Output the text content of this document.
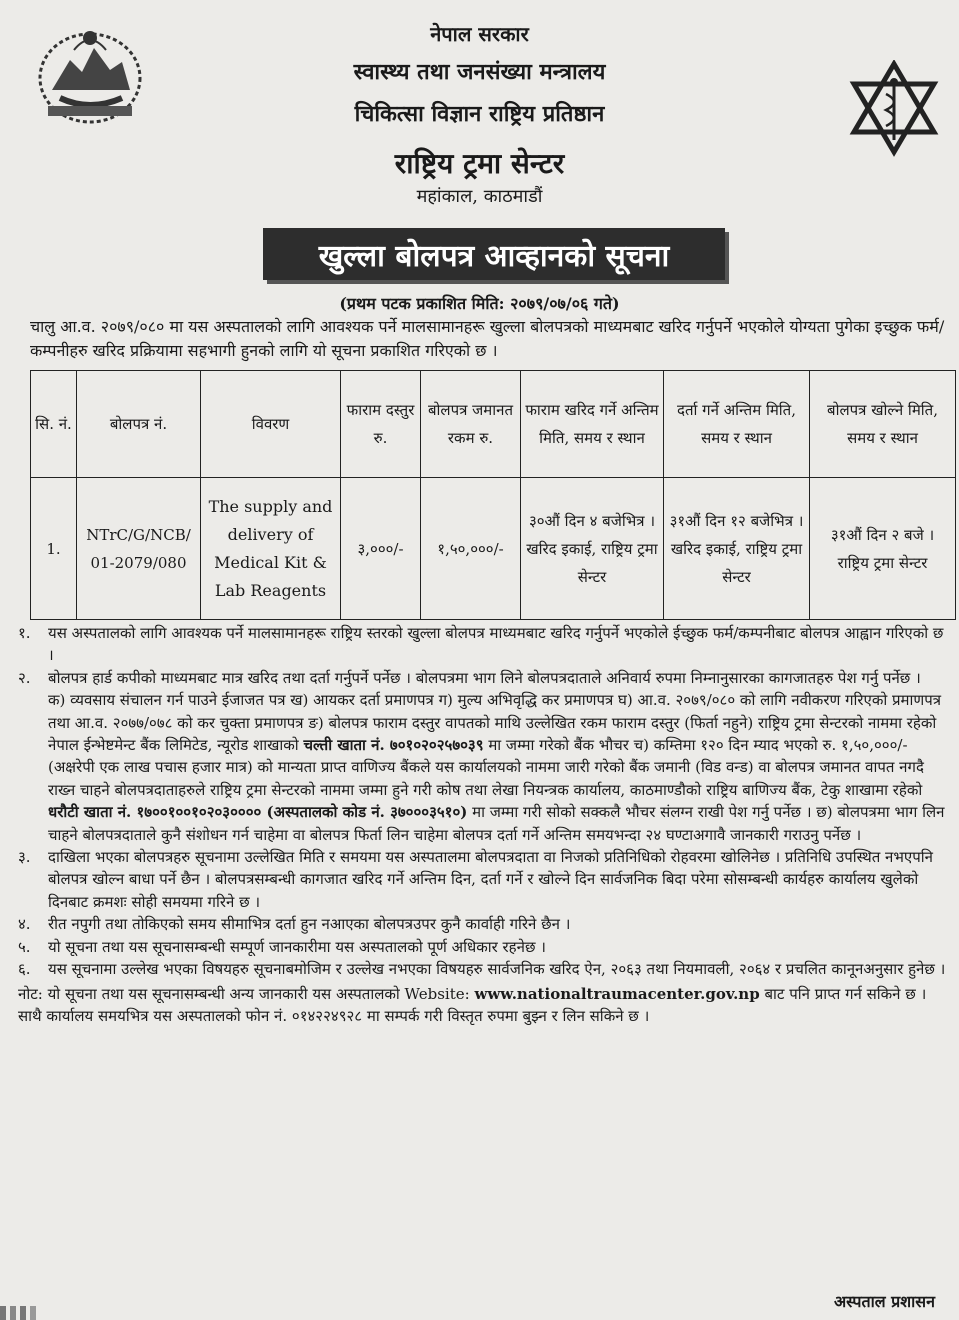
नेपाल सरकार
स्वास्थ्य तथा जनसंख्या मन्त्रालय
चिकित्सा विज्ञान राष्ट्रिय प्रतिष्ठान
राष्ट्रिय ट्रमा सेन्टर
महांकाल, काठमाडौं
खुल्ला बोलपत्र आव्हानको सूचना
(प्रथम पटक प्रकाशित मिति: २०७९/०७/०६ गते)
चालु आ.व. २०७९/०८० मा यस अस्पतालको लागि आवश्यक पर्ने मालसामानहरू खुल्ला बोलपत्रको माध्यमबाट खरिद गर्नुपर्ने भएकोले योग्यता पुगेका इच्छुक फर्म/कम्पनीहरु खरिद प्रक्रियामा सहभागी हुनको लागि यो सूचना प्रकाशित गरिएको छ ।
सि. नं.	बोलपत्र नं.	विवरण	फाराम दस्तुर रु.	बोलपत्र जमानत रकम रु.	फाराम खरिद गर्ने अन्तिम मिति, समय र स्थान	दर्ता गर्ने अन्तिम मिति, समय र स्थान	बोलपत्र खोल्ने मिति, समय र स्थान
1.	NTrC/G/NCB/ 01-2079/080	The supply and delivery of Medical Kit & Lab Reagents	३,०००/-	१,५०,०००/-	३०औं दिन ४ बजेभित्र । खरिद इकाई, राष्ट्रिय ट्रमा सेन्टर	३१औं दिन १२ बजेभित्र । खरिद इकाई, राष्ट्रिय ट्रमा सेन्टर	३१औं दिन २ बजे । राष्ट्रिय ट्रमा सेन्टर
१. यस अस्पतालको लागि आवश्यक पर्ने मालसामानहरू राष्ट्रिय स्तरको खुल्ला बोलपत्र माध्यमबाट खरिद गर्नुपर्ने भएकोले ईच्छुक फर्म/कम्पनीबाट बोलपत्र आह्वान गरिएको छ ।
२. बोलपत्र हार्ड कपीको माध्यमबाट मात्र खरिद तथा दर्ता गर्नुपर्ने पर्नेछ । बोलपत्रमा भाग लिने बोलपत्रदाताले अनिवार्य रुपमा निम्नानुसारका कागजातहरु पेश गर्नु पर्नेछ ।
क) व्यवसाय संचालन गर्न पाउने ईजाजत पत्र ख) आयकर दर्ता प्रमाणपत्र ग) मुल्य अभिवृद्धि कर प्रमाणपत्र घ) आ.व. २०७९/०८० को लागि नवीकरण गरिएको प्रमाणपत्र तथा आ.व. २०७७/०७८ को कर चुक्ता प्रमाणपत्र ङ) बोलपत्र फाराम दस्तुर वापतको माथि उल्लेखित रकम फाराम दस्तुर (फिर्ता नहुने) राष्ट्रिय ट्रमा सेन्टरको नाममा रहेको नेपाल ईन्भेष्टमेन्ट बैंक लिमिटेड, न्यूरोड शाखाको चल्ती खाता नं. ७०१०२०२५७०३९ मा जम्मा गरेको बैंक भौचर च) कम्तिमा १२० दिन म्याद भएको रु. १,५०,०००/- (अक्षरेपी एक लाख पचास हजार मात्र) को मान्यता प्राप्त वाणिज्य बैंकले यस कार्यालयको नाममा जारी गरेको बैंक जमानी (विड वन्ड) वा बोलपत्र जमानत वापत नगदै राख्न चाहने बोलपत्रदाताहरुले राष्ट्रिय ट्रमा सेन्टरको नाममा जम्मा हुने गरी कोष तथा लेखा नियन्त्रक कार्यालय, काठमाण्डौको राष्ट्रिय बाणिज्य बैंक, टेकु शाखामा रहेको धरौटी खाता नं. १७००१००१०२०३०००० (अस्पतालको कोड नं. ३७०००३५१०) मा जम्मा गरी सोको सक्कलै भौचर संलग्न राखी पेश गर्नु पर्नेछ । छ) बोलपत्रमा भाग लिन चाहने बोलपत्रदाताले कुनै संशोधन गर्न चाहेमा वा बोलपत्र फिर्ता लिन चाहेमा बोलपत्र दर्ता गर्ने अन्तिम समयभन्दा २४ घण्टाअगावै जानकारी गराउनु पर्नेछ ।
३. दाखिला भएका बोलपत्रहरु सूचनामा उल्लेखित मिति र समयमा यस अस्पतालमा बोलपत्रदाता वा निजको प्रतिनिधिको रोहवरमा खोलिनेछ । प्रतिनिधि उपस्थित नभएपनि बोलपत्र खोल्न बाधा पर्ने छैन । बोलपत्रसम्बन्धी कागजात खरिद गर्ने अन्तिम दिन, दर्ता गर्ने र खोल्ने दिन सार्वजनिक बिदा परेमा सोसम्बन्धी कार्यहरु कार्यालय खुलेको दिनबाट क्रमशः सोही समयमा गरिने छ ।
४. रीत नपुगी तथा तोकिएको समय सीमाभित्र दर्ता हुन नआएका बोलपत्रउपर कुनै कार्वाही गरिने छैन ।
५. यो सूचना तथा यस सूचनासम्बन्धी सम्पूर्ण जानकारीमा यस अस्पतालको पूर्ण अधिकार रहनेछ ।
६. यस सूचनामा उल्लेख भएका विषयहरु सूचनाबमोजिम र उल्लेख नभएका विषयहरु सार्वजनिक खरिद ऐन, २०६३ तथा नियमावली, २०६४ र प्रचलित कानूनअनुसार हुनेछ ।
नोट: यो सूचना तथा यस सूचनासम्बन्धी अन्य जानकारी यस अस्पतालको Website: www.nationaltraumacenter.gov.np बाट पनि प्राप्त गर्न सकिने छ । साथै कार्यालय समयभित्र यस अस्पतालको फोन नं. ०१४२२४९२८ मा सम्पर्क गरी विस्तृत रुपमा बुझ्न र लिन सकिने छ ।
अस्पताल प्रशासन
